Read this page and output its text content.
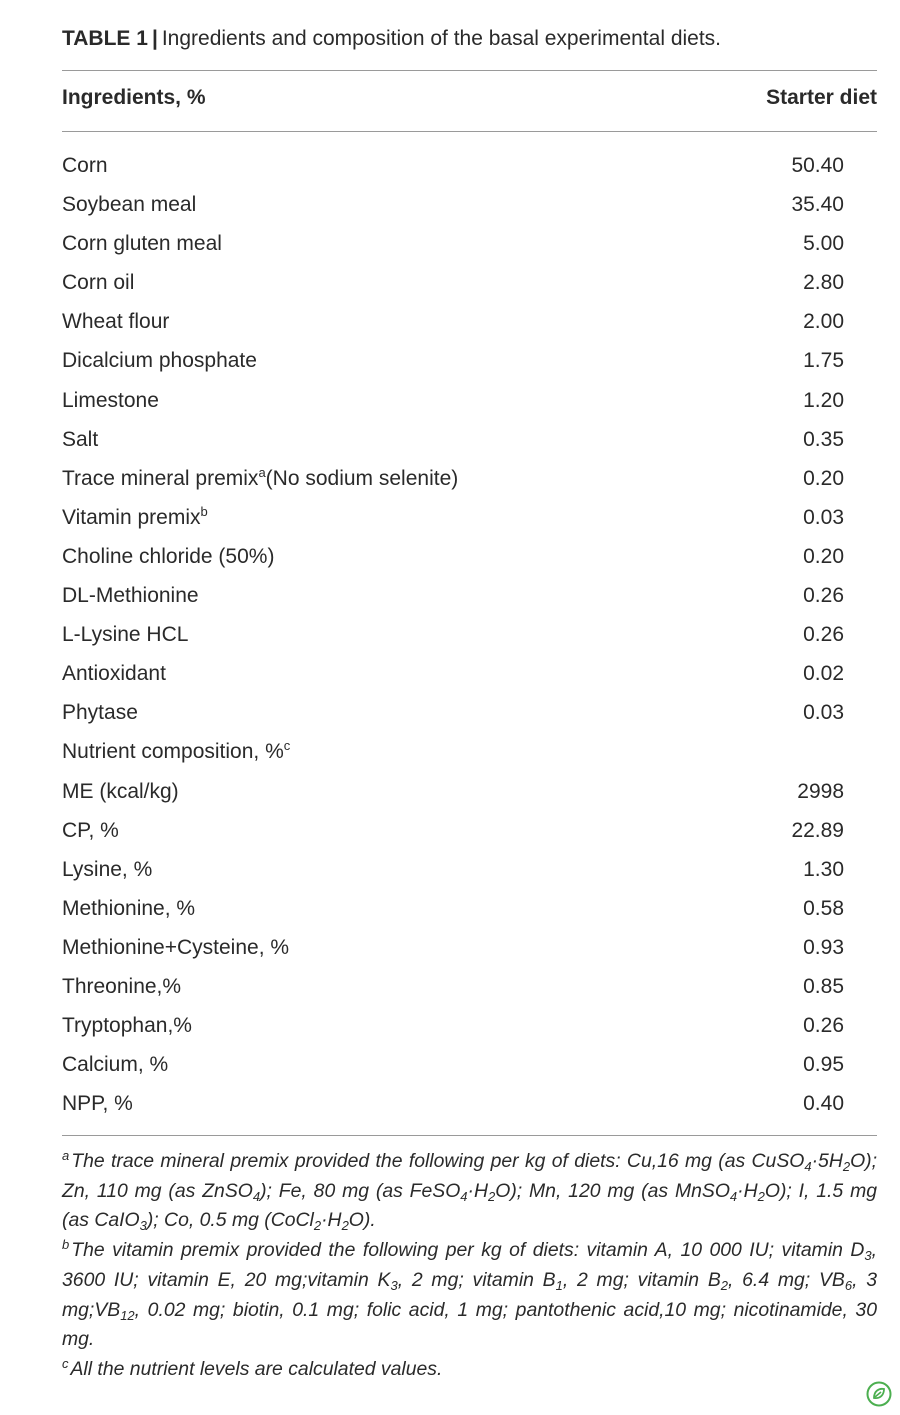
TABLE 1 | Ingredients and composition of the basal experimental diets.
Ingredients, %	Starter diet
Corn	50.40
Soybean meal	35.40
Corn gluten meal	5.00
Corn oil	2.80
Wheat flour	2.00
Dicalcium phosphate	1.75
Limestone	1.20
Salt	0.35
Trace mineral premix$^a$(No sodium selenite)	0.20
Vitamin premix$^b$	0.03
Choline chloride (50%)	0.20
DL-Methionine	0.26
L-Lysine HCL	0.26
Antioxidant	0.02
Phytase	0.03
Nutrient composition, %$^c$
ME (kcal/kg)	2998
CP, %	22.89
Lysine, %	1.30
Methionine, %	0.58
Methionine+Cysteine, %	0.93
Threonine,%	0.85
Tryptophan,%	0.26
Calcium, %	0.95
NPP, %	0.40
$^a$ The trace mineral premix provided the following per kg of diets: Cu,16 mg (as $CuSO_4\cdot 5H_2O$); Zn, 110 mg (as ZnSO$_4$); Fe, 80 mg (as $FeSO_4\cdot H_2O$); Mn, 120 mg (as $MnSO_4\cdot H_2O$); I, 1.5 mg (as CaIO$_3$); Co, 0.5 mg $(CoCl_2\cdot H_2O)$.
$^b$ The vitamin premix provided the following per kg of diets: vitamin A, 10 000 IU; vitamin $D_3$, 3600 IU; vitamin E, 20 mg;vitamin $K_3$, 2 mg; vitamin $B_1$, 2 mg; vitamin $B_2$, 6.4 mg; $VB_6$, 3 $mg;VB_{12}$, 0.02 mg; biotin, 0.1 mg; folic acid, 1 mg; pantothenic acid,10 mg; nicotinamide, 30 mg.
$^c$ All the nutrient levels are calculated values.
